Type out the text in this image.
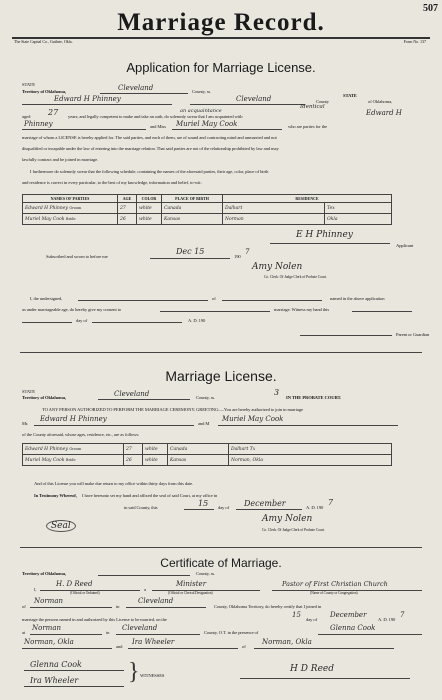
507
Marriage Record.
The State Capital Co., Guthrie, Okla.	Form No. 137
Application for Marriage License.
STATE
Territory of Oklahoma,	Cleveland	County, ss.
Edward H Phinney	Cleveland	County
STATE
of Oklahoma,
aged 27 years; and legally competent to make and take an oath, do solemnly swear that I am acquainted with
an acquaintance
Identical
Edward H
Phinney	and Miss Muriel May Cook	who are parties for the
marriage of whom a LICENSE is hereby applied for. The said parties, and each of them, are of sound and contracting mind and unmarried and not
disqualified or incapable under the law of entering into the marriage relation. That said parties are not of the relationship prohibited by law and may
lawfully contract and be joined in marriage.
I furthermore do solemnly swear that the following schedule, containing the names of the aforesaid parties, their age, color, place of birth
and residence is correct in every particular, to the best of my knowledge, information and belief, to-wit:
NAMES OF PARTIES	AGE	COLOR	PLACE OF BIRTH	RESIDENCE	
Edward H Phinney Groom	27	white	Canada	Dalhart	Tex
Muriel May Cook Bride	26	white	Kansas	Norman	Okla
E H Phinney
Applicant
Subscribed and sworn to before me
Dec 15
190
7
Amy Nolen
Co. Clerk. Of Judge Clerk of Probate Court.
I, the undersigned,	of	named in the above application
as under marriageable age, do hereby give my consent to	marriage. Witness my hand this
day of	A. D. 190
Parent or Guardian
Marriage License.
STATE
Territory of Oklahoma,	Cleveland	County, ss.
3
IN THE PROBATE COURT.
TO ANY PERSON AUTHORIZED TO PERFORM THE MARRIAGE CEREMONY, GREETING:—You are hereby authorized to join in marriage
Mr.
Edward H Phinney
and M
Muriel May Cook
of the County aforesaid, whose ages, residence, etc., are as follows:
Edward H Phinney Groom	27	white	Canada	Dalhart Tx
Muriel May Cook Bride	26	white	Kansas	Norman, Okla
And of this License you will make due return to my office within thirty days from this date.
In Testimony Whereof, I have hereunto set my hand and affixed the seal of said Court, at my office in
in said County, this	15 day of December	A. D. 190
7
Seal
Amy Nolen
Co. Clerk. Of Judge Clerk of Probate Court.
Certificate of Marriage.
Territory of Oklahoma,	County, ss.
I,
H. D Reed
a
Minister	Pastor of First Christian Church
(Official or Ordained)	(Official or Clerical Designation)	(Name of County or Congregation)
of
Norman
in
Cleveland
County, Oklahoma Territory, do hereby certify that I joined in
marriage the persons named in and authorized by this License to be married, on the
15
day of
December
A. D. 190
7
at
Norman
in
Cleveland
County, O.T. in the presence of
Glenna Cook
Norman, Okla
and
Ira Wheeler
of
Norman, Okla
Glenna Cook
Ira Wheeler } WITNESSES
H D Reed
